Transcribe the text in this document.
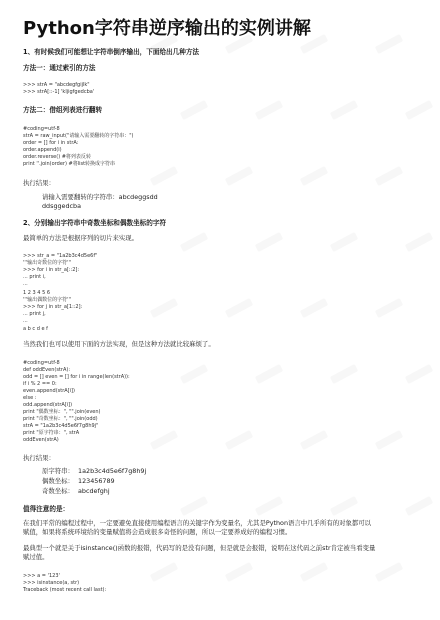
Python字符串逆序输出的实例讲解
1、有时候我们可能想让字符串倒序输出，下面给出几种方法
方法一：通过索引的方法
>>> strA = "abcdegfgijlk"
>>> strA[::-1] 'kljigfgedcba'
方法二：借组列表进行翻转
#coding=utf-8
strA = raw_input("请输入需要翻转的字符串：")
order = [] for i in strA:
order.append(i)
order.reverse() #将列表反转
print ''.join(order) #将list转换成字符串
执行结果：
请输入需要翻转的字符串：abcdeggsdd
ddsggedcba
2、分别输出字符串中奇数坐标和偶数坐标的字符
最简单的方法是根据序列的切片来实现。
>>> str_a = "1a2b3c4d5e6f"
'''输出奇数位的字符'''
>>> for i in str_a[::2]:
... print i,
...
1 2 3 4 5 6
'''输出偶数位的字符'''
>>> for j in str_a[1::2]:
... print j,
...
a b c d e f
当然我们也可以使用下面的方法实现，但是这种方法就比较麻烦了。
#coding=utf-8
def oddEven(strA):
odd = [] even = [] for i in range(len(strA)):
if i % 2 == 0:
even.append(strA[i])
else :
odd.append(strA[i])
print "偶数坐标：", "".join(even)
print "奇数坐标：", "".join(odd)
strA = "1a2b3c4d5e6f7g8h9j"
print "原字符串：", strA
oddEven(strA)
执行结果：
原字符串：  1a2b3c4d5e6f7g8h9j
偶数坐标：  123456789
奇数坐标：  abcdefghj
值得注意的是：
在我们平常的编程过程中，一定要避免直接使用编程语言的关键字作为变量名，尤其是Python语言中几乎所有的对象都可以
赋值，如果将系统环境给的变量赋值将会造成很多奇怪的问题，所以一定要养成好的编程习惯。
最典型一个就是关于isinstance()函数的报错，代码写的是没有问题，但是就是会报错，说明在这代码之前str肯定被当看变量
赋过值。
>>> a = '123'
>>> isinstance(a, str)
Traceback (most recent call last):
